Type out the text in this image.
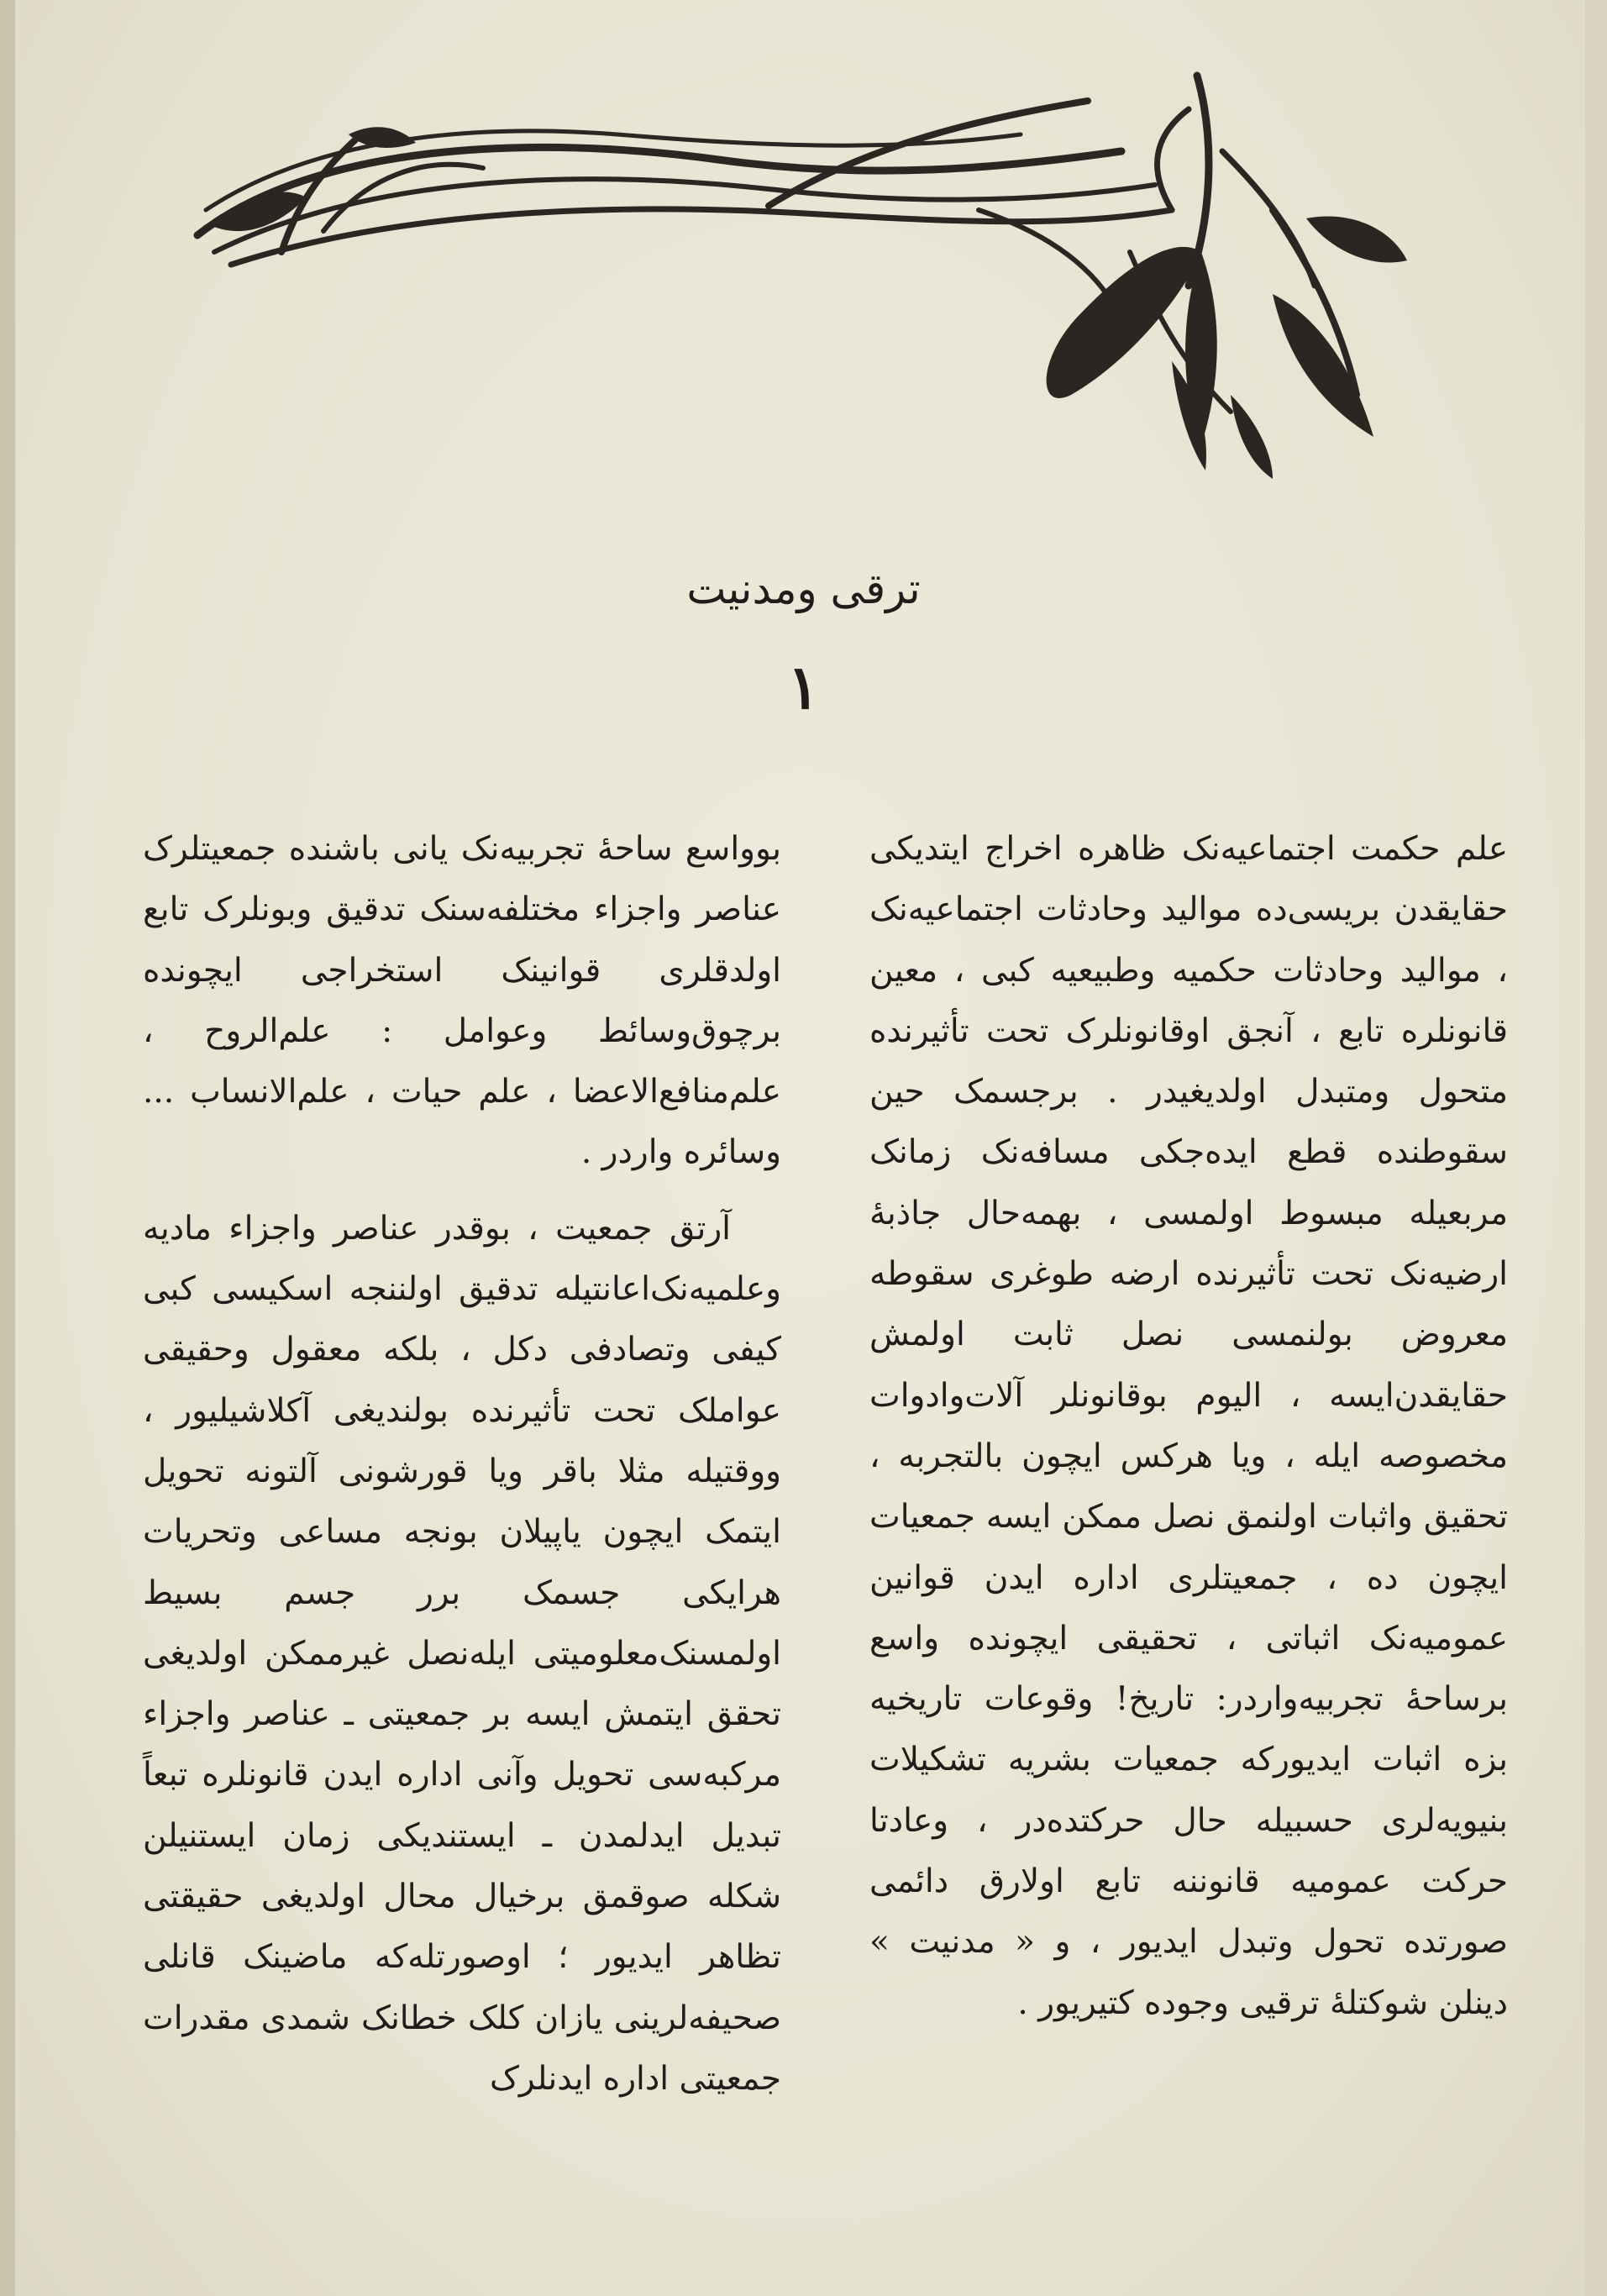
ترقی ومدنیت
١

علم حکمت اجتماعیه‌نک ظاهره اخراج ایتدیکی حقایقدن بریسی‌ده موالید وحادثات اجتماعیه‌نک ، موالید وحادثات حکمیه وطبیعیه کبی ، معین قانونلره تابع ، آنجق اوقانونلرک تحت تأثیرنده متحول ومتبدل اولدیغیدر . برجسمک حین سقوطنده قطع ایده‌جکی مسافه‌نک زمانک مربعیله مبسوط اولمسی ، بهمه‌حال جاذبهٔ ارضیه‌نک تحت تأثیرنده ارضه طوغری سقوطه معروض بولنمسی نصل ثابت اولمش حقایقدن‌ایسه ، الیوم بوقانونلر آلات‌وادوات مخصوصه ایله ، ویا هرکس ایچون بالتجربه ، تحقیق واثبات اولنمق نصل ممکن ایسه جمعیات ایچون ده ، جمعیتلری اداره ایدن قوانین عمومیه‌نک اثباتی ، تحقیقی ایچونده واسع برساحهٔ تجربیه‌واردر: تاریخ! وقوعات تاریخیه بزه اثبات ایدیورکه جمعیات بشریه تشکیلات بنیویه‌لری حسبیله حال حرکتده‌در ، وعادتا حرکت عمومیه قانوننه تابع اولارق دائمی صورتده تحول وتبدل ایدیور ، و « مدنیت » دینلن شوکتلهٔ ترقیی وجوده کتیریور .

بوواسع ساحهٔ تجربیه‌نک یانی باشنده جمعیتلرک عناصر واجزاء مختلفه‌سنک تدقیق وبونلرک تابع اولدقلری قوانینک استخراجی ایچونده برچوق‌وسائط وعوامل : علم‌الروح ، علم‌منافع‌الاعضا ، علم حیات ، علم‌الانساب ... وسائره واردر .

آرتق جمعیت ، بوقدر عناصر واجزاء مادیه وعلمیه‌نک‌اعانتیله تدقیق اولننجه اسکیسی کبی کیفی وتصادفی دکل ، بلکه معقول وحقیقی عواملک تحت تأثیرنده بولندیغی آکلاشیلیور ، ووقتیله مثلا باقر ویا قورشونی آلتونه تحویل ایتمک ایچون یاپیلان بونجه مساعی وتحریات هرایکی جسمک برر جسم بسیط اولمسنک‌معلومیتی ایله‌نصل غیرممکن اولدیغی تحقق ایتمش ایسه بر جمعیتی ـ عناصر واجزاء مرکبه‌سی تحویل وآنی اداره ایدن قانونلره تبعاً تبدیل ایدلمدن ـ ایستندیکی زمان ایستنیلن شکله صوقمق برخیال محال اولدیغی حقیقتی تظاهر ایدیور ؛ اوصورتله‌که ماضینک قانلی صحیفه‌لرینی یازان کلک خطانک شمدی مقدرات جمعیتی اداره ایدنلرک
